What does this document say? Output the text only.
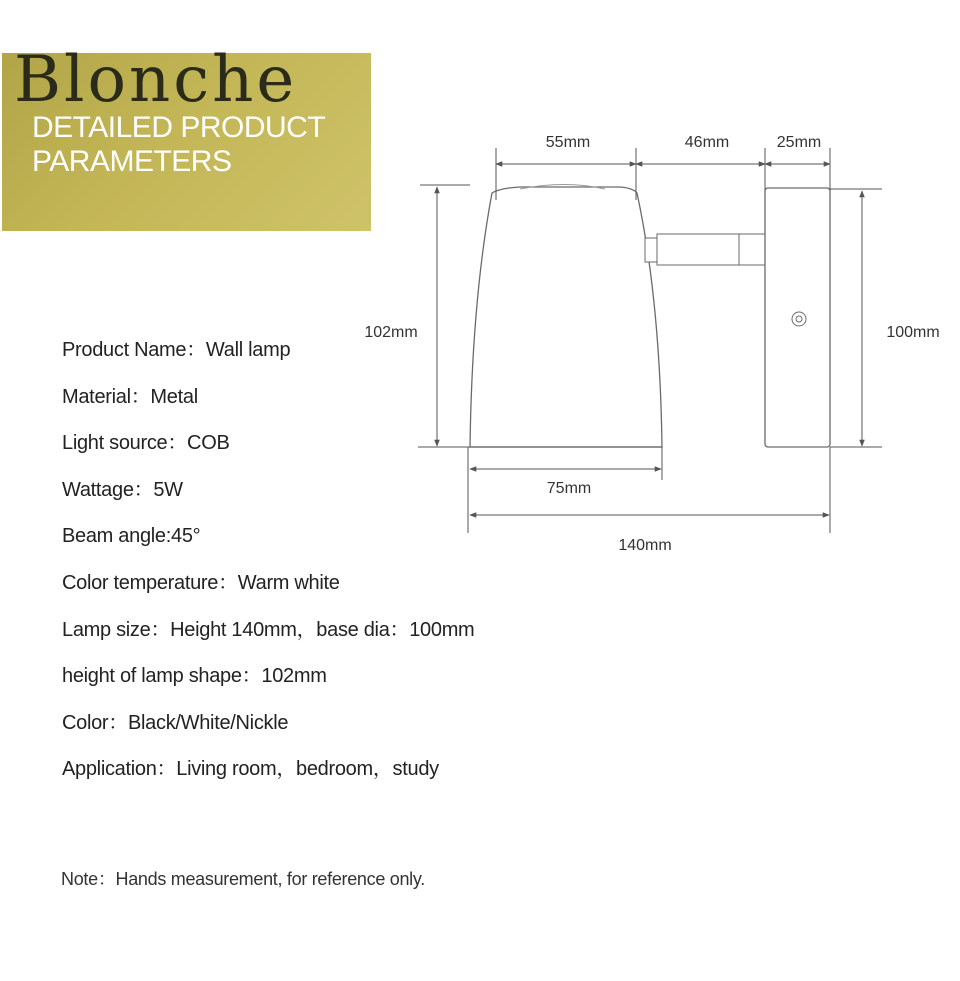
Blonche
DETAILED PRODUCT
PARAMETERS
Product Name：Wall lamp
Material：Metal
Light source：COB
Wattage：5W
Beam angle:45°
Color temperature：Warm white
Lamp size：Height 140mm，base dia：100mm
height of lamp shape：102mm
Color：Black/White/Nickle
Application：Living room，bedroom，study
Note：Hands measurement, for reference only.
55mm	46mm	25mm
102mm	100mm
75mm
140mm
